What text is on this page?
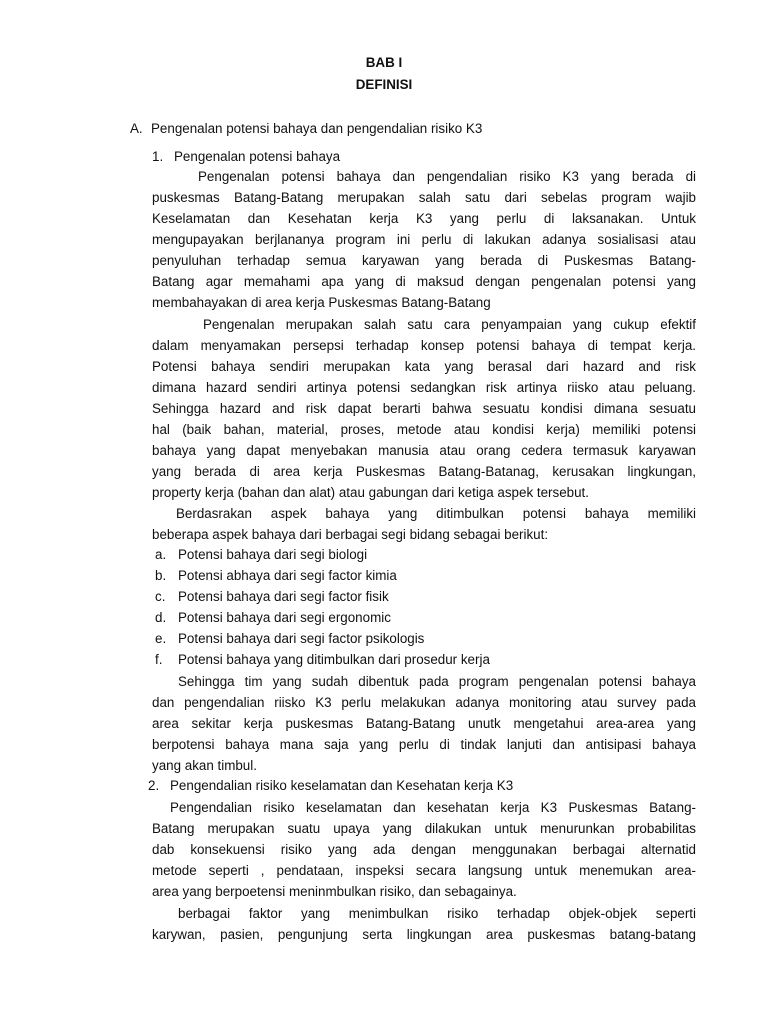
BAB I
DEFINISI
A. Pengenalan potensi bahaya dan pengendalian risiko K3
1. Pengenalan potensi bahaya
Pengenalan potensi bahaya dan pengendalian risiko K3 yang berada di
puskesmas Batang-Batang merupakan salah satu dari sebelas program wajib
Keselamatan dan Kesehatan kerja K3 yang perlu di laksanakan. Untuk
mengupayakan berjlananya program ini perlu di lakukan adanya sosialisasi atau
penyuluhan terhadap semua karyawan yang berada di Puskesmas Batang-
Batang agar memahami apa yang di maksud dengan pengenalan potensi yang
membahayakan di area kerja Puskesmas Batang-Batang
Pengenalan merupakan salah satu cara penyampaian yang cukup efektif
dalam menyamakan persepsi terhadap konsep potensi bahaya di tempat kerja.
Potensi bahaya sendiri merupakan kata yang berasal dari hazard and risk
dimana hazard sendiri artinya potensi sedangkan risk artinya riisko atau peluang.
Sehingga hazard and risk dapat berarti bahwa sesuatu kondisi dimana sesuatu
hal (baik bahan, material, proses, metode atau kondisi kerja) memiliki potensi
bahaya yang dapat menyebakan manusia atau orang cedera termasuk karyawan
yang berada di area kerja Puskesmas Batang-Batanag, kerusakan lingkungan,
property kerja (bahan dan alat) atau gabungan dari ketiga aspek tersebut.
Berdasrakan aspek bahaya yang ditimbulkan potensi bahaya memiliki
beberapa aspek bahaya dari berbagai segi bidang sebagai berikut:
a. Potensi bahaya dari segi biologi
b. Potensi abhaya dari segi factor kimia
c. Potensi bahaya dari segi factor fisik
d. Potensi bahaya dari segi ergonomic
e. Potensi bahaya dari segi factor psikologis
f. Potensi bahaya yang ditimbulkan dari prosedur kerja
Sehingga tim yang sudah dibentuk pada program pengenalan potensi bahaya
dan pengendalian riisko K3 perlu melakukan adanya monitoring atau survey pada
area sekitar kerja puskesmas Batang-Batang unutk mengetahui area-area yang
berpotensi bahaya mana saja yang perlu di tindak lanjuti dan antisipasi bahaya
yang akan timbul.
2. Pengendalian risiko keselamatan dan Kesehatan kerja K3
Pengendalian risiko keselamatan dan kesehatan kerja K3 Puskesmas Batang-
Batang merupakan suatu upaya yang dilakukan untuk menurunkan probabilitas
dab konsekuensi risiko yang ada dengan menggunakan berbagai alternatid
metode seperti , pendataan, inspeksi secara langsung untuk menemukan area-
area yang berpoetensi meninmbulkan risiko, dan sebagainya.
berbagai faktor yang menimbulkan risiko terhadap objek-objek seperti
karywan, pasien, pengunjung serta lingkungan area puskesmas batang-batang
